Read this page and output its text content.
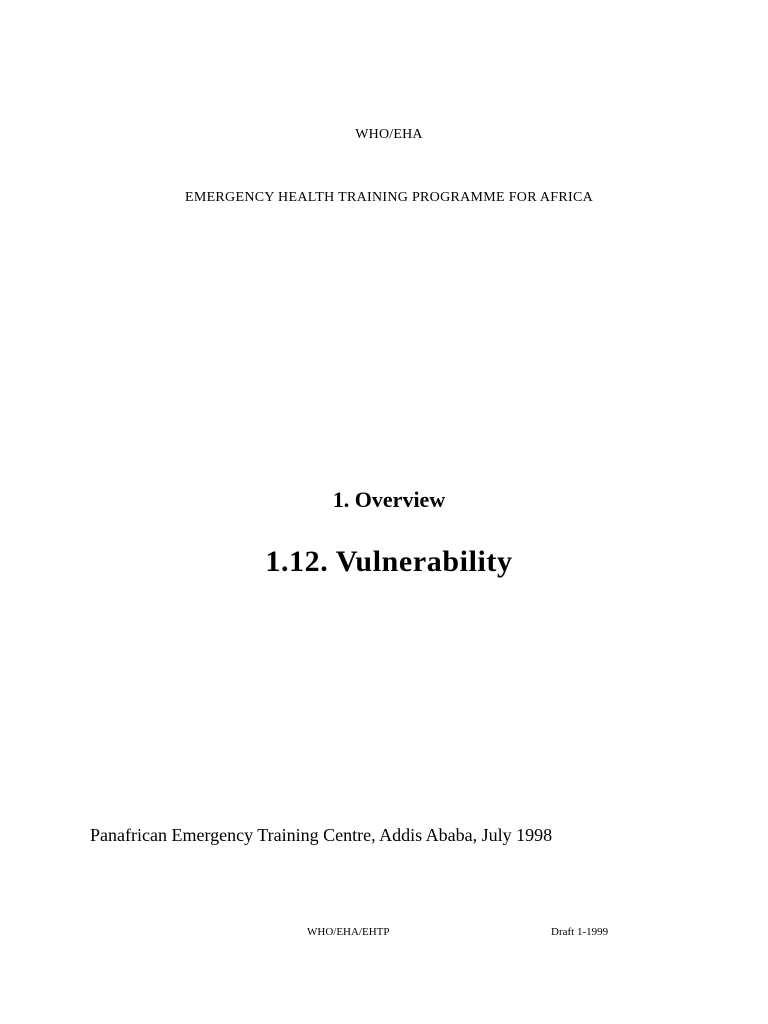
WHO/EHA
EMERGENCY HEALTH TRAINING PROGRAMME FOR AFRICA
1. Overview
1.12. Vulnerability
Panafrican Emergency Training Centre, Addis Ababa, July 1998
WHO/EHA/EHTP	Draft 1-1999
